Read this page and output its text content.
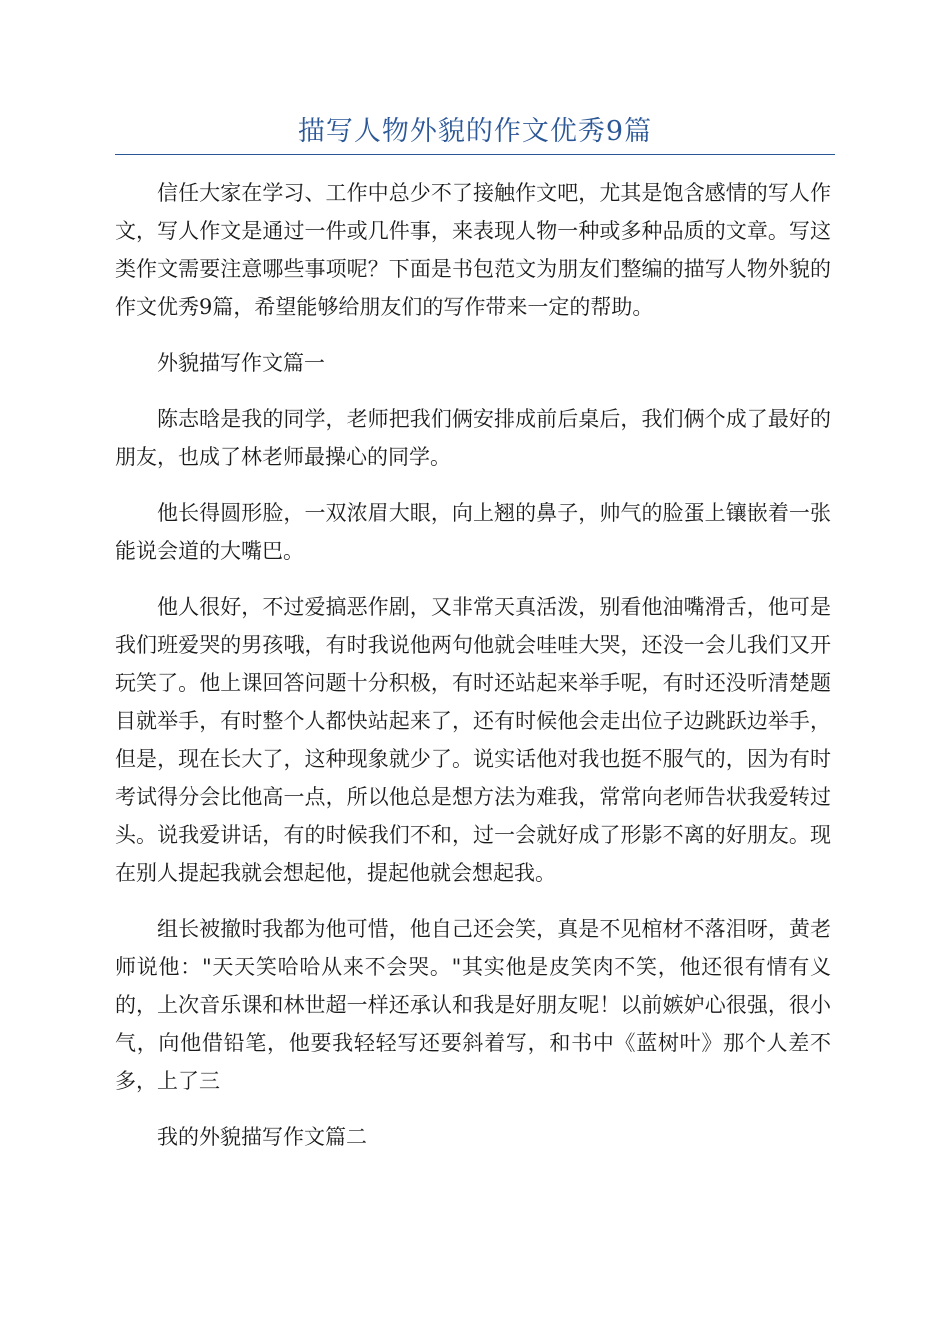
描写人物外貌的作文优秀9篇

信任大家在学习、工作中总少不了接触作文吧，尤其是饱含感情的写人作文，写人作文是通过一件或几件事，来表现人物一种或多种品质的文章。写这类作文需要注意哪些事项呢？下面是书包范文为朋友们整编的描写人物外貌的作文优秀9篇，希望能够给朋友们的写作带来一定的帮助。

外貌描写作文篇一

陈志晗是我的同学，老师把我们俩安排成前后桌后，我们俩个成了最好的朋友，也成了林老师最操心的同学。

他长得圆形脸，一双浓眉大眼，向上翘的鼻子，帅气的脸蛋上镶嵌着一张能说会道的大嘴巴。

他人很好，不过爱搞恶作剧，又非常天真活泼，别看他油嘴滑舌，他可是我们班爱哭的男孩哦，有时我说他两句他就会哇哇大哭，还没一会儿我们又开玩笑了。他上课回答问题十分积极，有时还站起来举手呢，有时还没听清楚题目就举手，有时整个人都快站起来了，还有时候他会走出位子边跳跃边举手，但是，现在长大了，这种现象就少了。说实话他对我也挺不服气的，因为有时考试得分会比他高一点，所以他总是想方法为难我，常常向老师告状我爱转过头。说我爱讲话，有的时候我们不和，过一会就好成了形影不离的好朋友。现在别人提起我就会想起他，提起他就会想起我。

组长被撤时我都为他可惜，他自己还会笑，真是不见棺材不落泪呀，黄老师说他："天天笑哈哈从来不会哭。"其实他是皮笑肉不笑，他还很有情有义的，上次音乐课和林世超一样还承认和我是好朋友呢！以前嫉妒心很强，很小气，向他借铅笔，他要我轻轻写还要斜着写，和书中《蓝树叶》那个人差不多，上了三

我的外貌描写作文篇二
